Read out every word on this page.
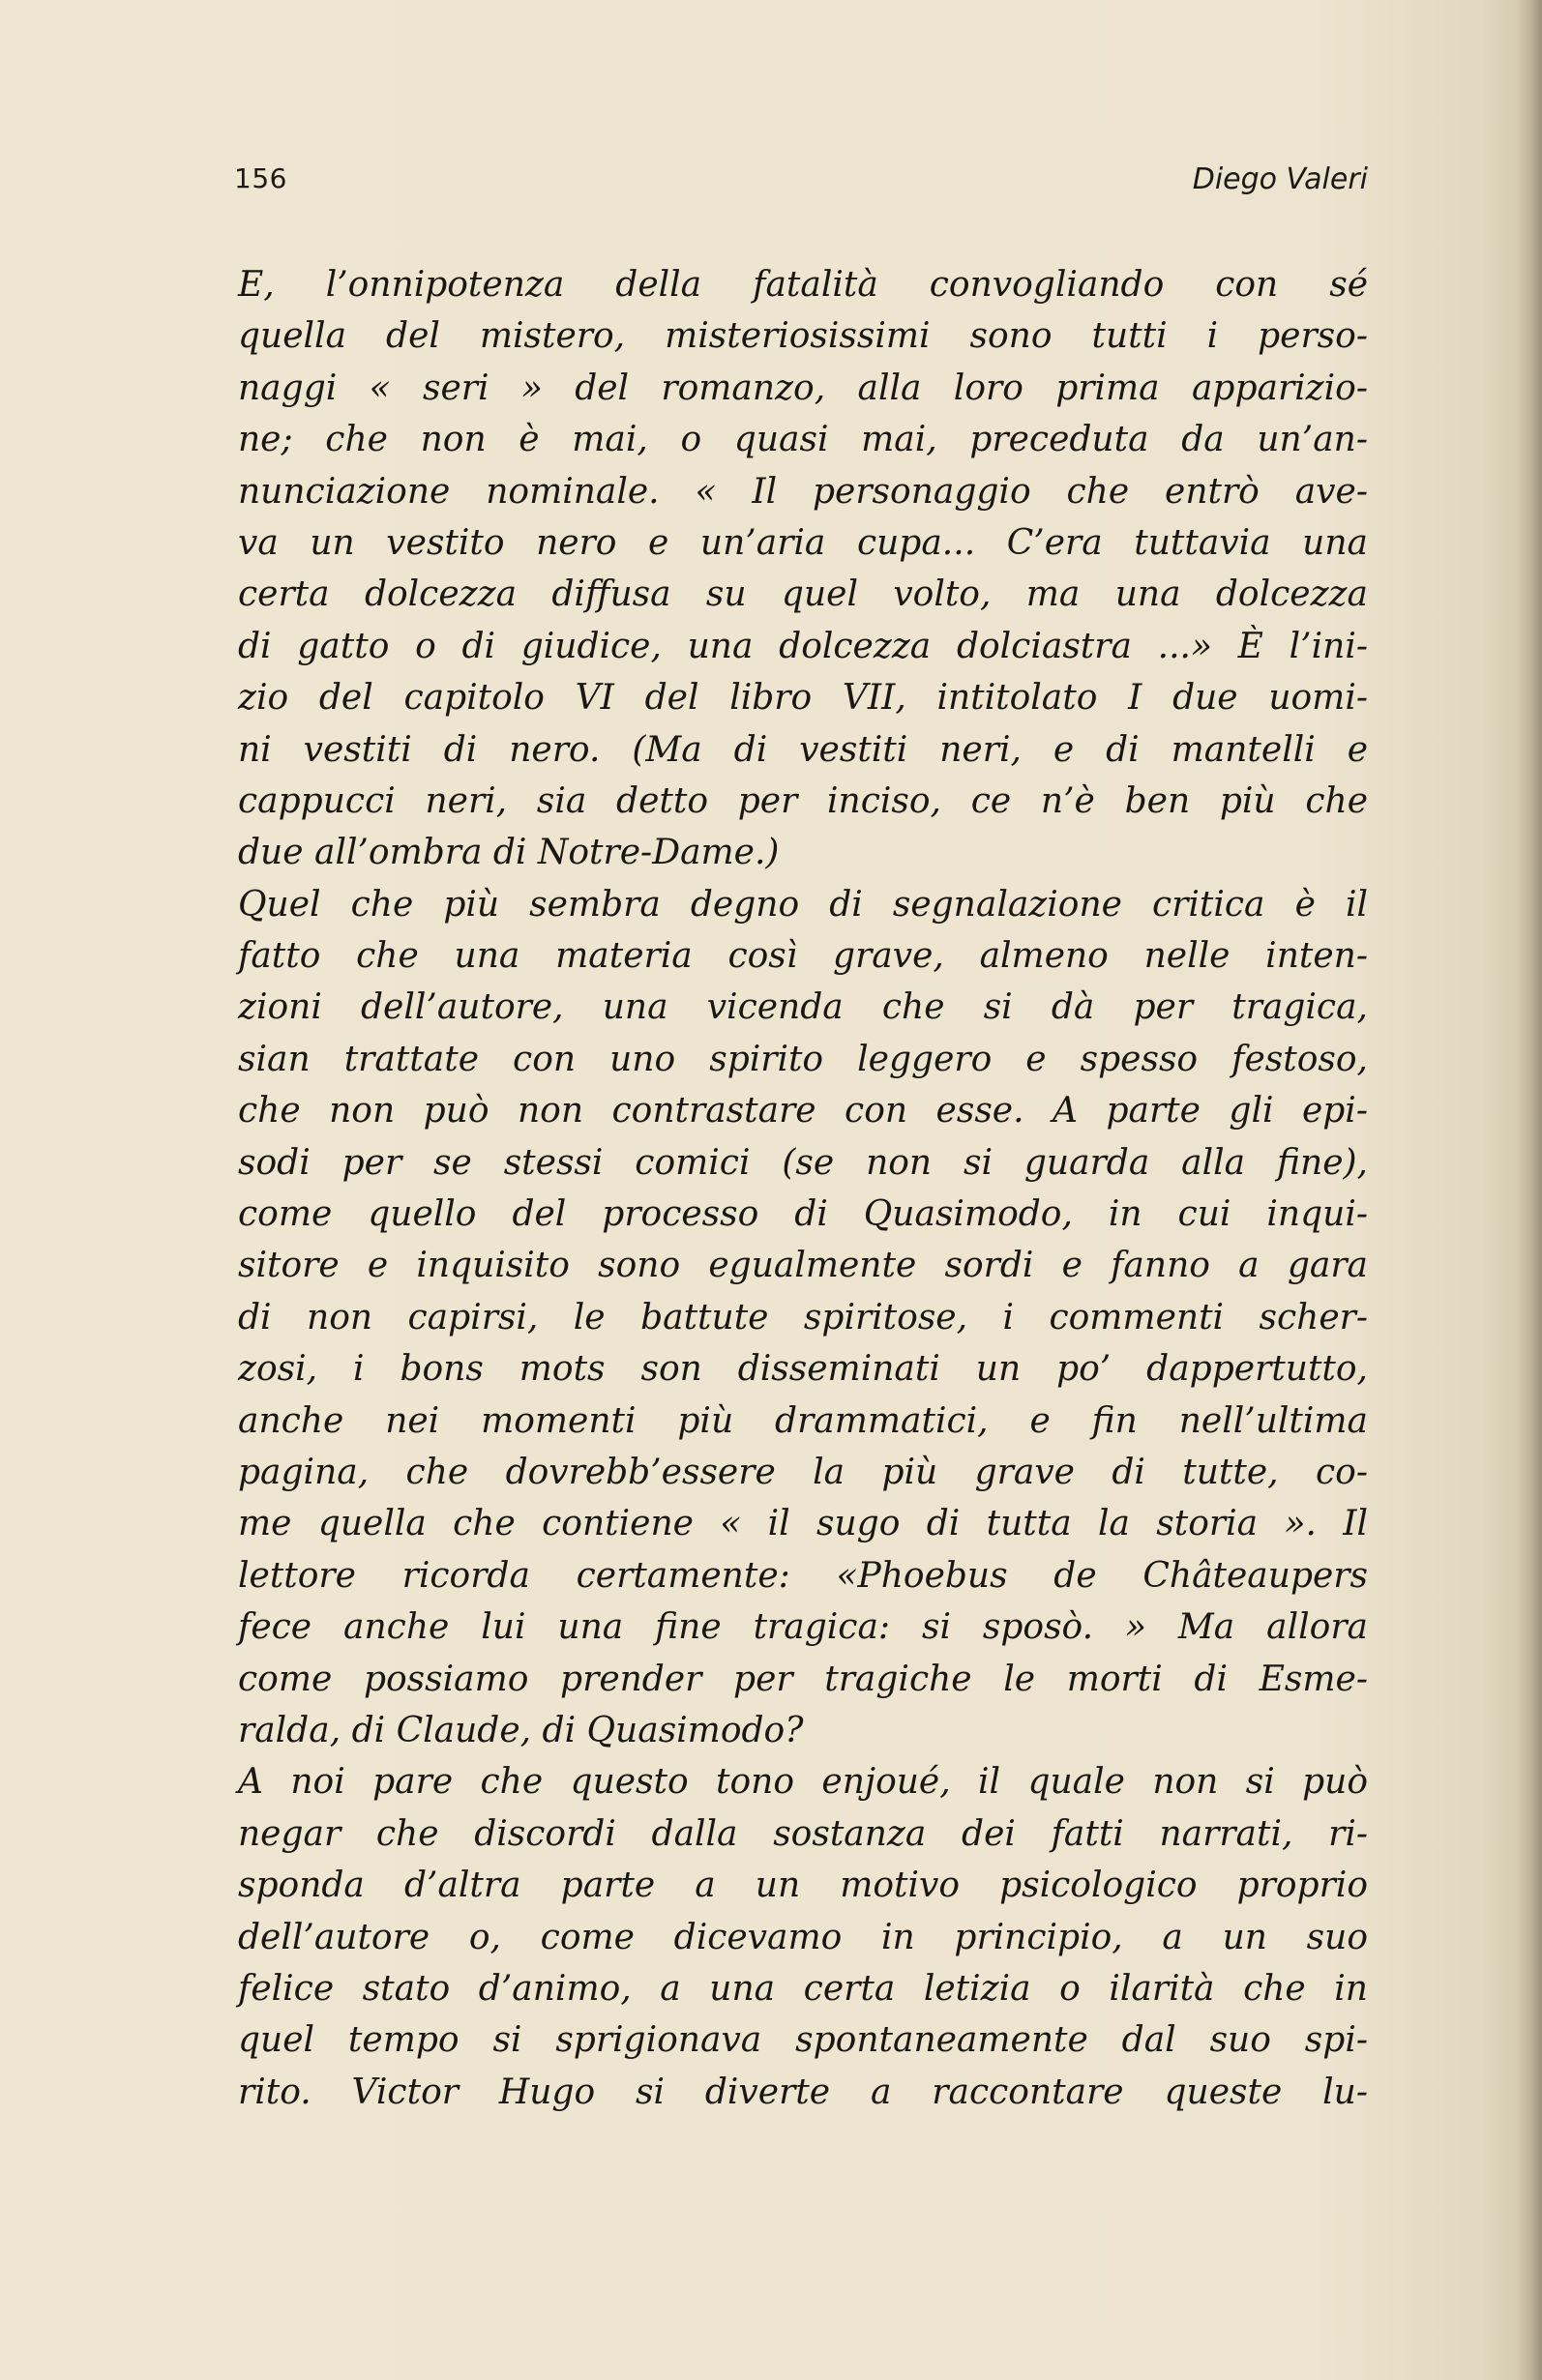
156	Diego Valeri
E, l’onnipotenza della fatalità convogliando con sé
quella del mistero, misteriosissimi sono tutti i perso-
naggi « seri » del romanzo, alla loro prima apparizio-
ne; che non è mai, o quasi mai, preceduta da un’an-
nunciazione nominale. « Il personaggio che entrò ave-
va un vestito nero e un’aria cupa... C’era tuttavia una
certa dolcezza diffusa su quel volto, ma una dolcezza
di gatto o di giudice, una dolcezza dolciastra ...» È l’ini-
zio del capitolo VI del libro VII, intitolato I due uomi-
ni vestiti di nero. (Ma di vestiti neri, e di mantelli e
cappucci neri, sia detto per inciso, ce n’è ben più che
due all’ombra di Notre-Dame.)
Quel che più sembra degno di segnalazione critica è il
fatto che una materia così grave, almeno nelle inten-
zioni dell’autore, una vicenda che si dà per tragica,
sian trattate con uno spirito leggero e spesso festoso,
che non può non contrastare con esse. A parte gli epi-
sodi per se stessi comici (se non si guarda alla fine),
come quello del processo di Quasimodo, in cui inqui-
sitore e inquisito sono egualmente sordi e fanno a gara
di non capirsi, le battute spiritose, i commenti scher-
zosi, i bons mots son disseminati un po’ dappertutto,
anche nei momenti più drammatici, e fin nell’ultima
pagina, che dovrebb’essere la più grave di tutte, co-
me quella che contiene « il sugo di tutta la storia ». Il
lettore ricorda certamente: «Phoebus de Châteaupers
fece anche lui una fine tragica: si sposò. » Ma allora
come possiamo prender per tragiche le morti di Esme-
ralda, di Claude, di Quasimodo?
A noi pare che questo tono enjoué, il quale non si può
negar che discordi dalla sostanza dei fatti narrati, ri-
sponda d’altra parte a un motivo psicologico proprio
dell’autore o, come dicevamo in principio, a un suo
felice stato d’animo, a una certa letizia o ilarità che in
quel tempo si sprigionava spontaneamente dal suo spi-
rito. Victor Hugo si diverte a raccontare queste lu-
